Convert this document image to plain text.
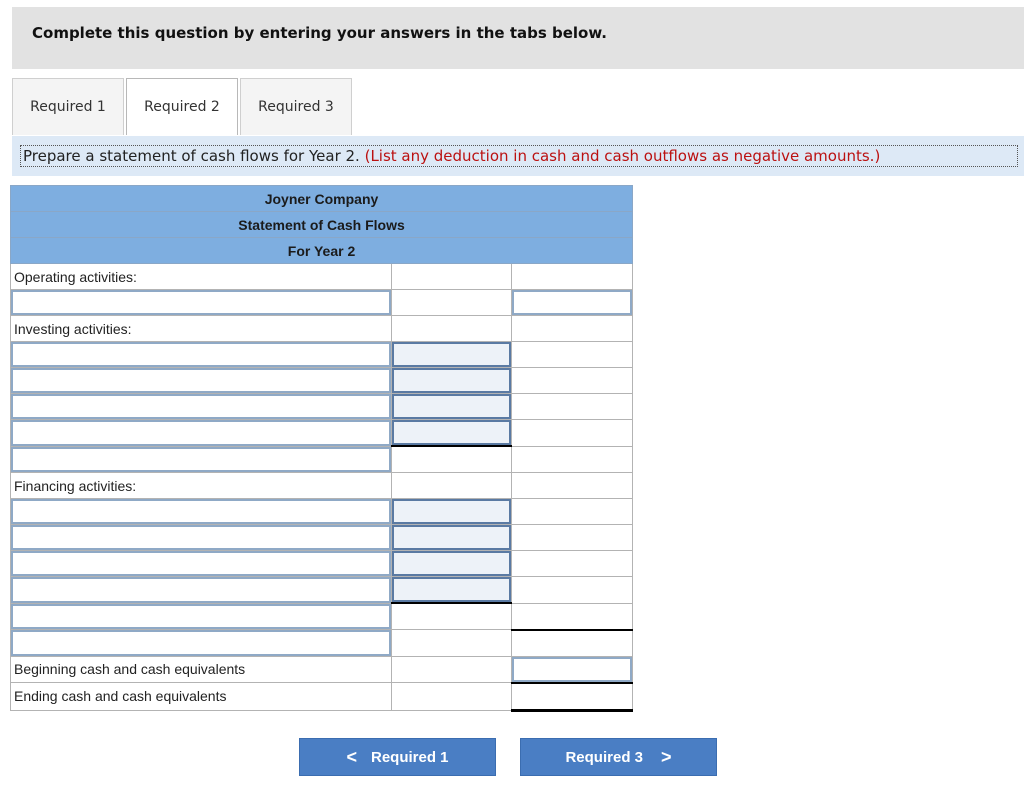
Complete this question by entering your answers in the tabs below.
Required 1	Required 2	Required 3
Prepare a statement of cash flows for Year 2. (List any deduction in cash and cash outflows as negative amounts.)
Joyner Company		
Statement of Cash Flows		
For Year 2		
Operating activities:		

Investing activities:		

Financing activities:		

Beginning cash and cash equivalents		

Ending cash and cash equivalents		
< Required 1	Required 3 >
